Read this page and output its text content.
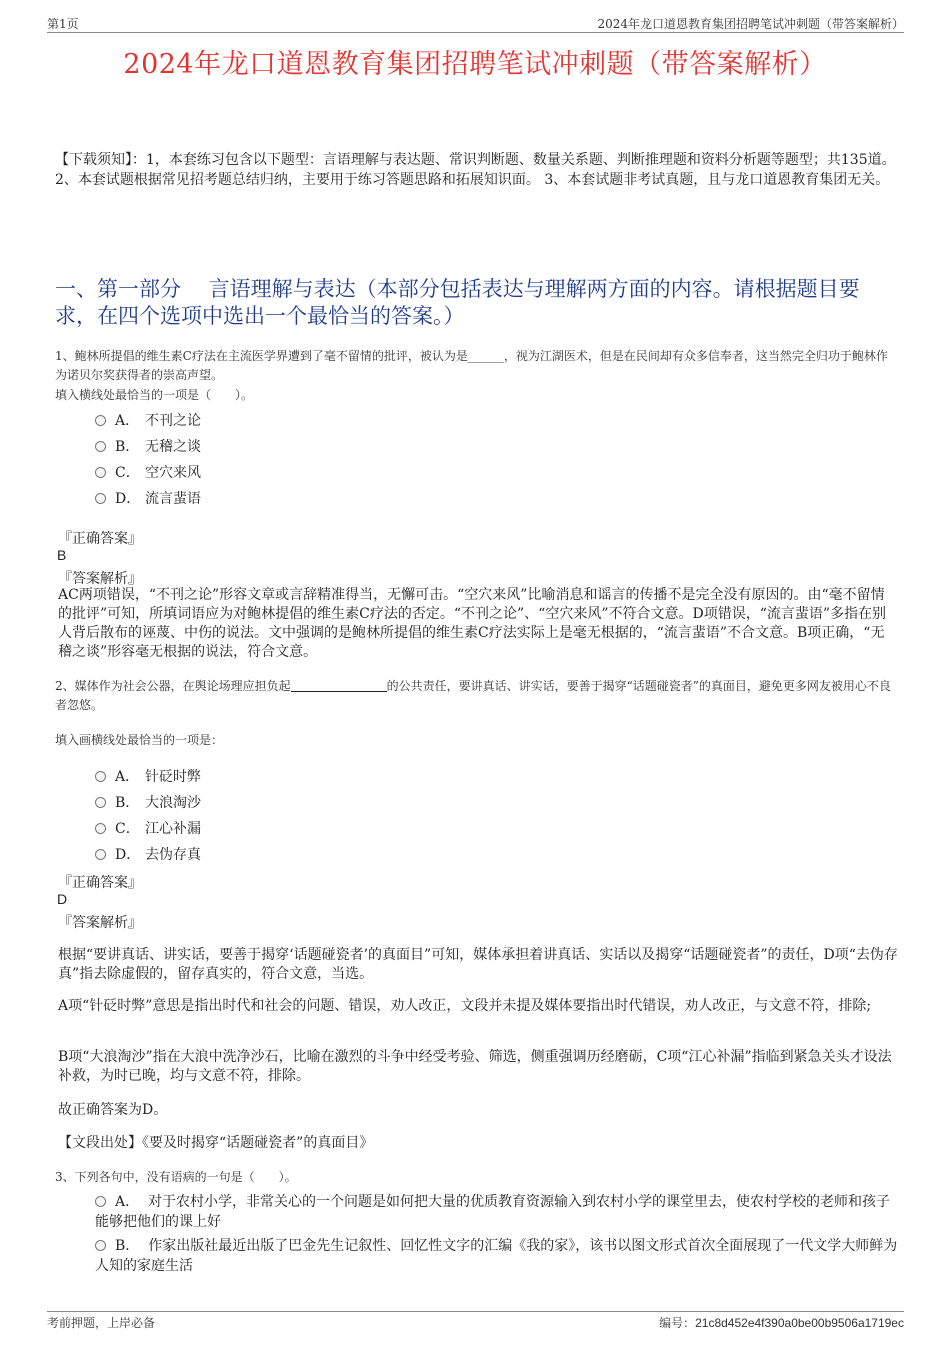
第1页	2024年龙口道恩教育集团招聘笔试冲刺题（带答案解析）
2024年龙口道恩教育集团招聘笔试冲刺题（带答案解析）
【下载须知】：1，本套练习包含以下题型：言语理解与表达题、常识判断题、数量关系题、判断推理题和资料分析题等题型；共135道。 2、本套试题根据常见招考题总结归纳，主要用于练习答题思路和拓展知识面。 3、本套试题非考试真题，且与龙口道恩教育集团无关。
一、第一部分　 言语理解与表达（本部分包括表达与理解两方面的内容。请根据题目要求，在四个选项中选出一个最恰当的答案。）
1、鲍林所提倡的维生素C疗法在主流医学界遭到了毫不留情的批评，被认为是______，视为江湖医术，但是在民间却有众多信奉者，这当然完全归功于鲍林作为诺贝尔奖获得者的崇高声望。
填入横线处最恰当的一项是（　　）。
A． 不刊之论
B． 无稽之谈
C． 空穴来风
D． 流言蜚语
『正确答案』
B
『答案解析』
AC两项错误，“不刊之论”形容文章或言辞精准得当，无懈可击。“空穴来风”比喻消息和谣言的传播不是完全没有原因的。由“毫不留情的批评”可知，所填词语应为对鲍林提倡的维生素C疗法的否定。“不刊之论”、“空穴来风”不符合文意。D项错误，“流言蜚语”多指在别人背后散布的诬蔑、中伤的说法。文中强调的是鲍林所提倡的维生素C疗法实际上是毫无根据的，“流言蜚语”不合文意。B项正确，“无稽之谈”形容毫无根据的说法，符合文意。
2、媒体作为社会公器，在舆论场理应担负起	的公共责任，要讲真话、讲实话，要善于揭穿“话题碰瓷者”的真面目，避免更多网友被用心不良者忽悠。
填入画横线处最恰当的一项是：
A． 针砭时弊
B． 大浪淘沙
C． 江心补漏
D． 去伪存真
『正确答案』
D
『答案解析』
根据“要讲真话、讲实话，要善于揭穿‘话题碰瓷者’的真面目”可知，媒体承担着讲真话、实话以及揭穿“话题碰瓷者”的责任，D项“去伪存真”指去除虚假的，留存真实的，符合文意，当选。
A项“针砭时弊”意思是指出时代和社会的问题、错误，劝人改正，文段并未提及媒体要指出时代错误，劝人改正，与文意不符，排除;
B项“大浪淘沙”指在大浪中洗净沙石，比喻在激烈的斗争中经受考验、筛选，侧重强调历经磨砺，C项“江心补漏”指临到紧急关头才设法补救，为时已晚，均与文意不符，排除。
故正确答案为D。
【文段出处】《要及时揭穿“话题碰瓷者”的真面目》
3、下列各句中，没有语病的一句是（　　）。
A． 对于农村小学，非常关心的一个问题是如何把大量的优质教育资源输入到农村小学的课堂里去，使农村学校的老师和孩子能够把他们的课上好
B． 作家出版社最近出版了巴金先生记叙性、回忆性文字的汇编《我的家》，该书以图文形式首次全面展现了一代文学大师鲜为人知的家庭生活
考前押题，上岸必备	编号：21c8d452e4f390a0be00b9506a1719ec
